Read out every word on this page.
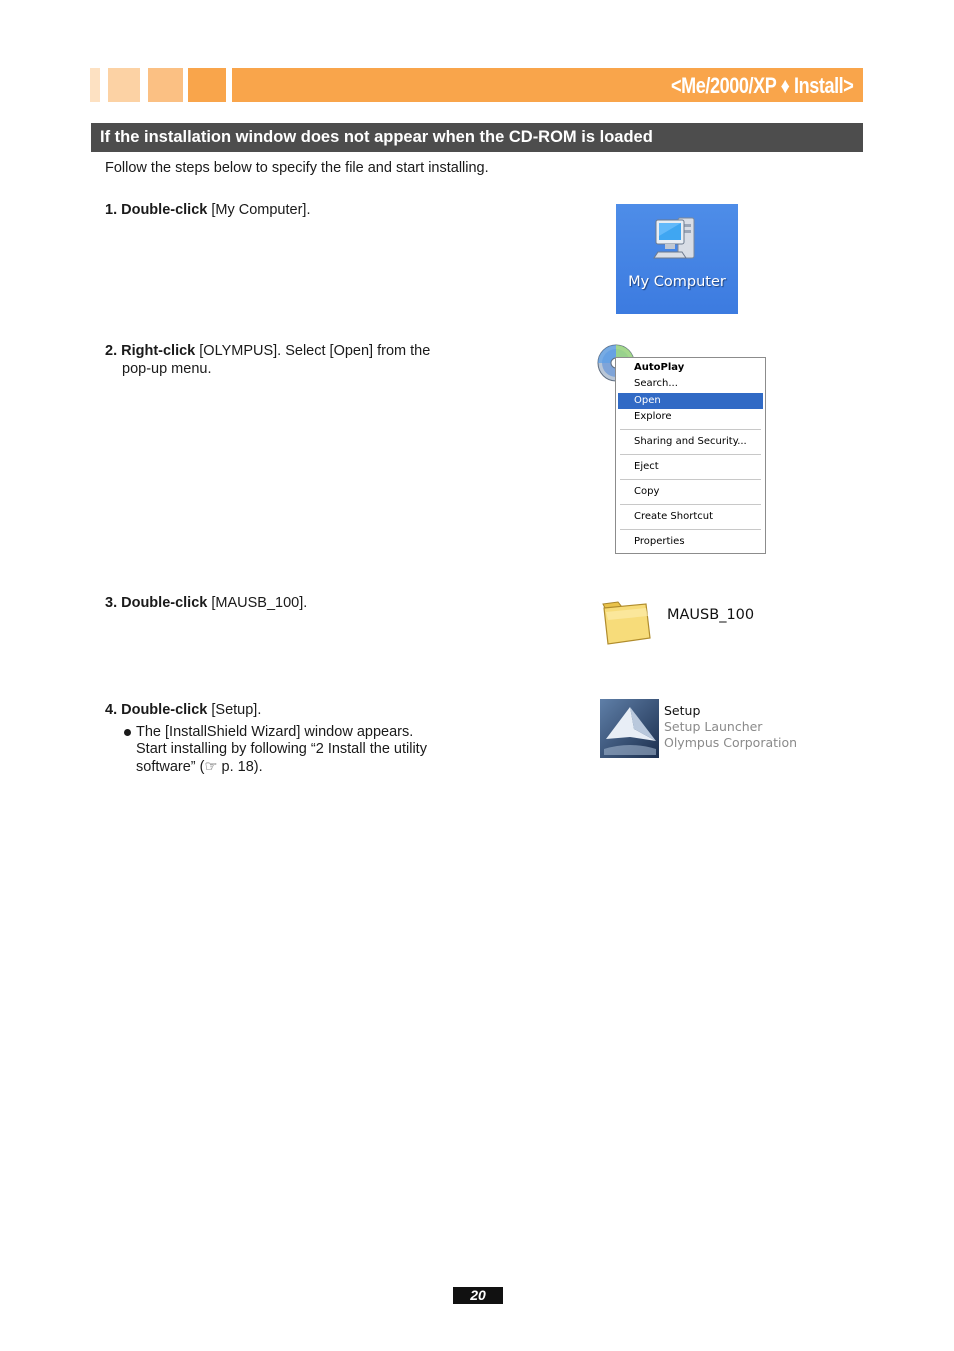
<Me/2000/XP ♦ Install>
If the installation window does not appear when the CD-ROM is loaded
Follow the steps below to specify the file and start installing.
1. Double-click [My Computer].
2. Right-click [OLYMPUS]. Select [Open] from the
pop-up menu.
3. Double-click [MAUSB_100].
4. Double-click [Setup].
The [InstallShield Wizard] window appears.
Start installing by following “2 Install the utility
software” (☞ p. 18).
My Computer
AutoPlay
Search...
Open
Explore
Sharing and Security...
Eject
Copy
Create Shortcut
Properties
MAUSB_100
Setup
Setup Launcher
Olympus Corporation
20
